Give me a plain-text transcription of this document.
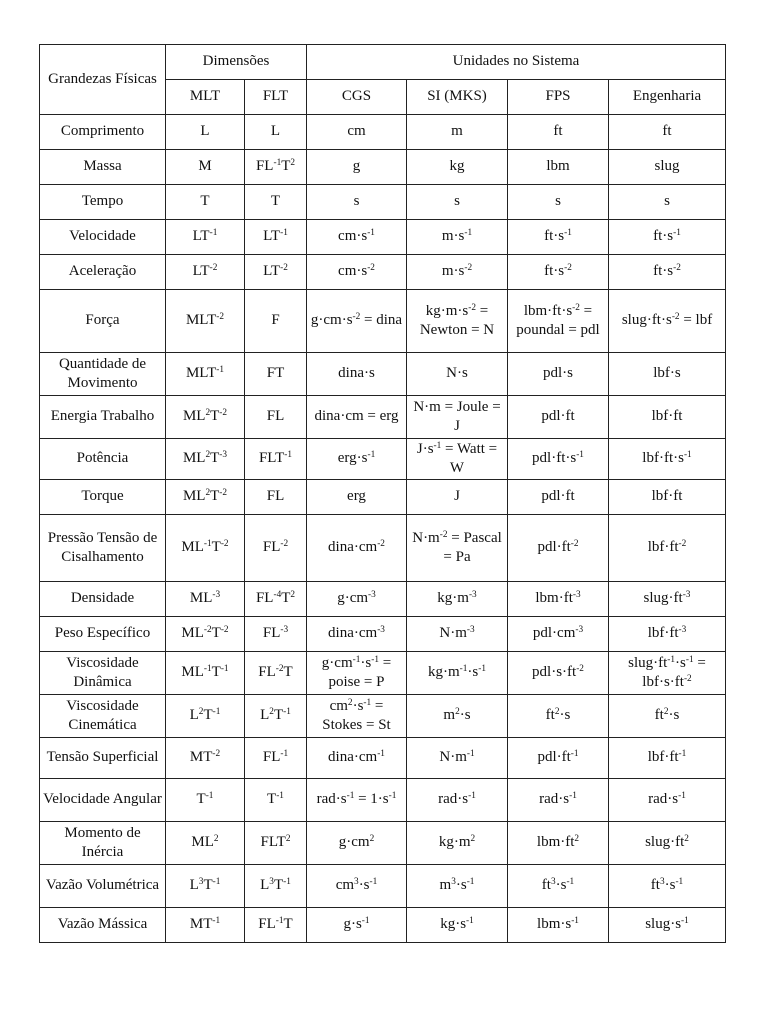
Grandezas Físicas	Dimensões		Unidades no Sistema			
	MLT	FLT	CGS	SI (MKS)	FPS	Engenharia
Comprimento	L	L	cm	m	ft	ft
Massa	M	$FL^{-1}T^2$	g	kg	lbm	slug
Tempo	T	T	s	s	s	s
Velocidade	$LT^{-1}$	$LT^{-1}$	$cm\cdot s^{-1}$	$m\cdot s^{-1}$	$ft\cdot s^{-1}$	$ft\cdot s^{-1}$
Aceleração	$LT^{-2}$	$LT^{-2}$	$cm\cdot s^{-2}$	$m\cdot s^{-2}$	$ft\cdot s^{-2}$	$ft\cdot s^{-2}$
Força	$MLT^{-2}$	F	$g\cdot cm\cdot s^{-2}$ = dina	$kg\cdot m\cdot s^{-2}$ = Newton = N	$lbm\cdot ft\cdot s^{-2}$ = poundal = pdl	$slug\cdot ft\cdot s^{-2}$ = lbf
Quantidade de Movimento	$MLT^{-1}$	FT	dina·s	N·s	pdl·s	lbf·s
Energia Trabalho	$ML^2T^{-2}$	FL	dina·cm = erg	N·m = Joule = J	pdl·ft	lbf·ft
Potência	$ML^2T^{-3}$	$FLT^{-1}$	$erg\cdot s^{-1}$	$J\cdot s^{-1}$ = Watt = W	$pdl\cdot ft\cdot s^{-1}$	$lbf\cdot ft\cdot s^{-1}$
Torque	$ML^2T^{-2}$	FL	erg	J	pdl·ft	lbf·ft
Pressão Tensão de Cisalhamento	$ML^{-1}T^{-2}$	$FL^{-2}$	$dina\cdot cm^{-2}$	$N\cdot m^{-2}$ = Pascal = Pa	$pdl\cdot ft^{-2}$	$lbf\cdot ft^{-2}$
Densidade	$ML^{-3}$	$FL^{-4}T^2$	$g\cdot cm^{-3}$	$kg\cdot m^{-3}$	$lbm\cdot ft^{-3}$	$slug\cdot ft^{-3}$
Peso Específico	$ML^{-2}T^{-2}$	$FL^{-3}$	$dina\cdot cm^{-3}$	$N\cdot m^{-3}$	$pdl\cdot cm^{-3}$	$lbf\cdot ft^{-3}$
Viscosidade Dinâmica	$ML^{-1}T^{-1}$	$FL^{-2}T$	$g\cdot cm^{-1}\cdot s^{-1}$ = poise = P	$kg\cdot m^{-1}\cdot s^{-1}$	$pdl\cdot s\cdot ft^{-2}$	$slug\cdot ft^{-1}\cdot s^{-1} = lbf\cdot s\cdot ft^{-2}$
Viscosidade Cinemática	$L^2T^{-1}$	$L^2T^{-1}$	$cm^2\cdot s^{-1}$ = Stokes = St	$m^2\cdot s$	$ft^2\cdot s$	$ft^2\cdot s$
Tensão Superficial	$MT^{-2}$	$FL^{-1}$	$dina\cdot cm^{-1}$	$N\cdot m^{-1}$	$pdl\cdot ft^{-1}$	$lbf\cdot ft^{-1}$
Velocidade Angular	$T^{-1}$	$T^{-1}$	$rad\cdot s^{-1} = 1\cdot s^{-1}$	$rad\cdot s^{-1}$	$rad\cdot s^{-1}$	$rad\cdot s^{-1}$
Momento de Inércia	$ML^2$	FLT$^2$	$g\cdot cm^2$	$kg\cdot m^2$	$lbm\cdot ft^2$	$slug\cdot ft^2$
Vazão Volumétrica	$L^3T^{-1}$	$L^3T^{-1}$	$cm^3\cdot s^{-1}$	$m^3\cdot s^{-1}$	$ft^3\cdot s^{-1}$	$ft^3\cdot s^{-1}$
Vazão Mássica	$MT^{-1}$	$FL^{-1}T$	$g\cdot s^{-1}$	$kg\cdot s^{-1}$	$lbm\cdot s^{-1}$	$slug\cdot s^{-1}$
